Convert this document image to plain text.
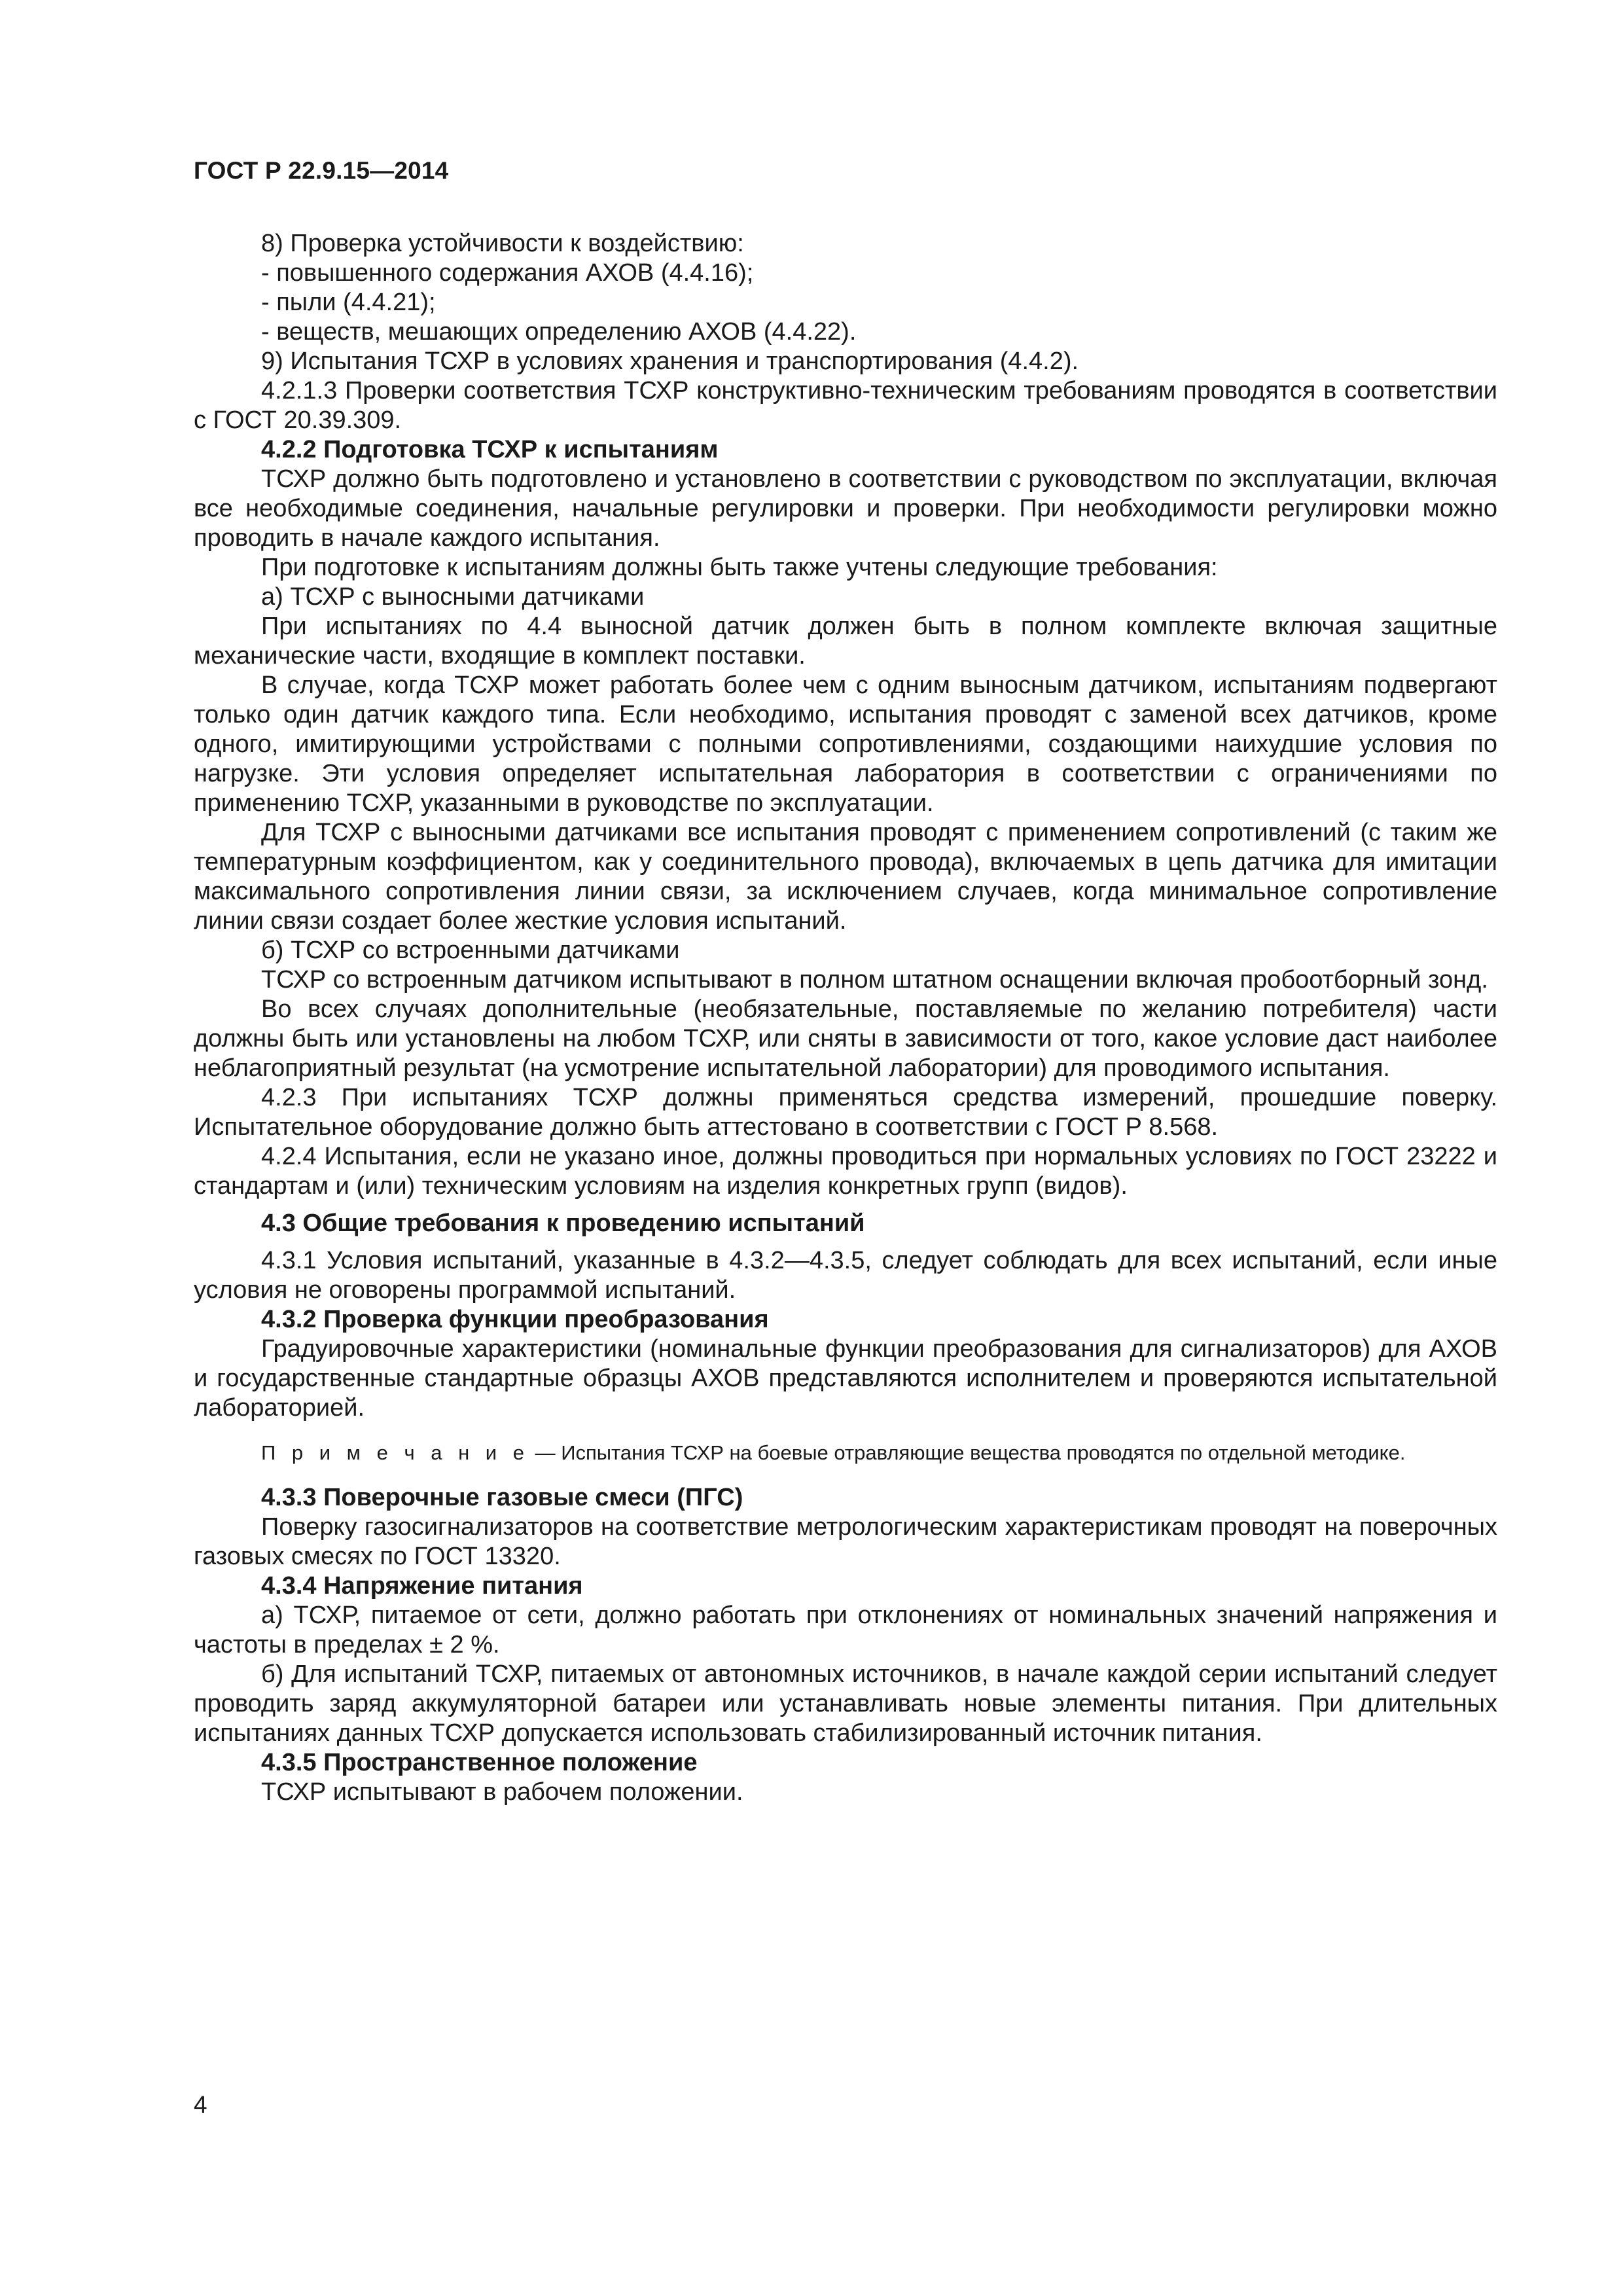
ГОСТ Р 22.9.15—2014

8) Проверка устойчивости к воздействию:

- повышенного содержания АХОВ (4.4.16);

- пыли (4.4.21);

- веществ, мешающих определению АХОВ (4.4.22).

9) Испытания ТСХР в условиях хранения и транспортирования (4.4.2).

4.2.1.3 Проверки соответствия ТСХР конструктивно-техническим требованиям проводятся в соответствии с ГОСТ 20.39.309.

4.2.2 Подготовка ТСХР к испытаниям

ТСХР должно быть подготовлено и установлено в соответствии с руководством по эксплуатации, включая все необходимые соединения, начальные регулировки и проверки. При необходимости регулировки можно проводить в начале каждого испытания.

При подготовке к испытаниям должны быть также учтены следующие требования:

а) ТСХР с выносными датчиками

При испытаниях по 4.4 выносной датчик должен быть в полном комплекте включая защитные механические части, входящие в комплект поставки.

В случае, когда ТСХР может работать более чем с одним выносным датчиком, испытаниям подвергают только один датчик каждого типа. Если необходимо, испытания проводят с заменой всех датчиков, кроме одного, имитирующими устройствами с полными сопротивлениями, создающими наихудшие условия по нагрузке. Эти условия определяет испытательная лаборатория в соответствии с ограничениями по применению ТСХР, указанными в руководстве по эксплуатации.

Для ТСХР с выносными датчиками все испытания проводят с применением сопротивлений (с таким же температурным коэффициентом, как у соединительного провода), включаемых в цепь датчика для имитации максимального сопротивления линии связи, за исключением случаев, когда минимальное сопротивление линии связи создает более жесткие условия испытаний.

б) ТСХР со встроенными датчиками

ТСХР со встроенным датчиком испытывают в полном штатном оснащении включая пробоотборный зонд.

Во всех случаях дополнительные (необязательные, поставляемые по желанию потребителя) части должны быть или установлены на любом ТСХР, или сняты в зависимости от того, какое условие даст наиболее неблагоприятный результат (на усмотрение испытательной лаборатории) для проводимого испытания.

4.2.3 При испытаниях ТСХР должны применяться средства измерений, прошедшие поверку. Испытательное оборудование должно быть аттестовано в соответствии с ГОСТ Р 8.568.

4.2.4 Испытания, если не указано иное, должны проводиться при нормальных условиях по ГОСТ 23222 и стандартам и (или) техническим условиям на изделия конкретных групп (видов).

4.3 Общие требования к проведению испытаний

4.3.1 Условия испытаний, указанные в 4.3.2—4.3.5, следует соблюдать для всех испытаний, если иные условия не оговорены программой испытаний.

4.3.2 Проверка функции преобразования

Градуировочные характеристики (номинальные функции преобразования для сигнализаторов) для АХОВ и государственные стандартные образцы АХОВ представляются исполнителем и проверяются испытательной лабораторией.

П р и м е ч а н и е — Испытания ТСХР на боевые отравляющие вещества проводятся по отдельной методике.

4.3.3 Поверочные газовые смеси (ПГС)

Поверку газосигнализаторов на соответствие метрологическим характеристикам проводят на поверочных газовых смесях по ГОСТ 13320.

4.3.4 Напряжение питания

а) ТСХР, питаемое от сети, должно работать при отклонениях от номинальных значений напряжения и частоты в пределах ± 2 %.

б) Для испытаний ТСХР, питаемых от автономных источников, в начале каждой серии испытаний следует проводить заряд аккумуляторной батареи или устанавливать новые элементы питания. При длительных испытаниях данных ТСХР допускается использовать стабилизированный источник питания.

4.3.5 Пространственное положение

ТСХР испытывают в рабочем положении.

4
